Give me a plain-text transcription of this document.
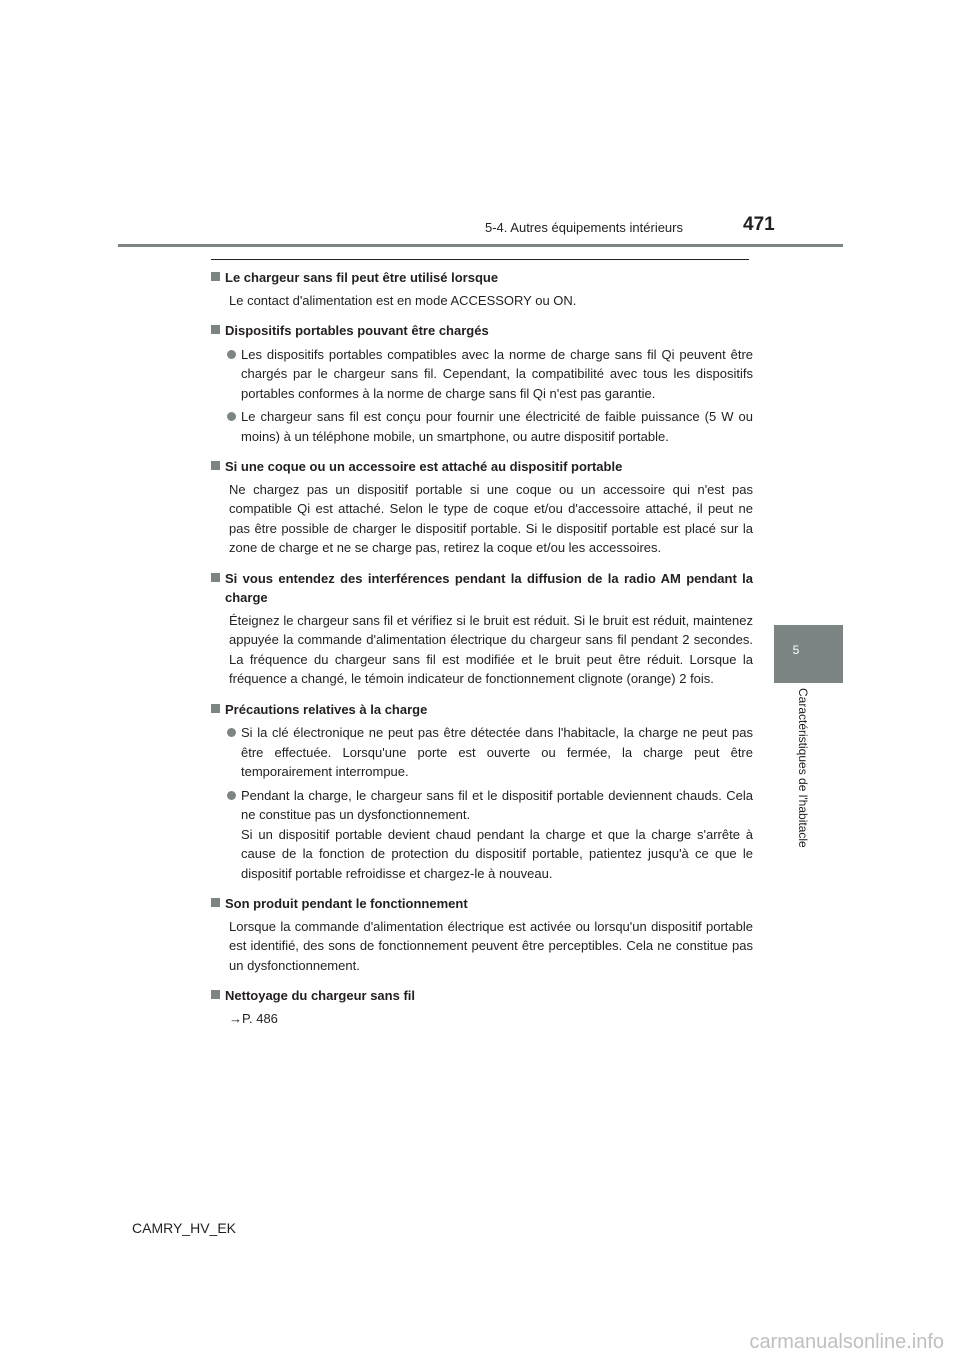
5-4. Autres équipements intérieurs	471
5
Caractéristiques de l'habitacle
Le chargeur sans fil peut être utilisé lorsque
Le contact d'alimentation est en mode ACCESSORY ou ON.
Dispositifs portables pouvant être chargés
Les dispositifs portables compatibles avec la norme de charge sans fil Qi peuvent être chargés par le chargeur sans fil. Cependant, la compatibilité avec tous les dispositifs portables conformes à la norme de charge sans fil Qi n'est pas garantie.
Le chargeur sans fil est conçu pour fournir une électricité de faible puissance (5 W ou moins) à un téléphone mobile, un smartphone, ou autre dispositif portable.
Si une coque ou un accessoire est attaché au dispositif portable
Ne chargez pas un dispositif portable si une coque ou un accessoire qui n'est pas compatible Qi est attaché. Selon le type de coque et/ou d'accessoire attaché, il peut ne pas être possible de charger le dispositif portable. Si le dispositif portable est placé sur la zone de charge et ne se charge pas, retirez la coque et/ou les accessoires.
Si vous entendez des interférences pendant la diffusion de la radio AM pendant la charge
Éteignez le chargeur sans fil et vérifiez si le bruit est réduit. Si le bruit est réduit, maintenez appuyée la commande d'alimentation électrique du chargeur sans fil pendant 2 secondes. La fréquence du chargeur sans fil est modifiée et le bruit peut être réduit. Lorsque la fréquence a changé, le témoin indicateur de fonctionnement clignote (orange) 2 fois.
Précautions relatives à la charge
Si la clé électronique ne peut pas être détectée dans l'habitacle, la charge ne peut pas être effectuée. Lorsqu'une porte est ouverte ou fermée, la charge peut être temporairement interrompue.
Pendant la charge, le chargeur sans fil et le dispositif portable deviennent chauds. Cela ne constitue pas un dysfonctionnement.
Si un dispositif portable devient chaud pendant la charge et que la charge s'arrête à cause de la fonction de protection du dispositif portable, patientez jusqu'à ce que le dispositif portable refroidisse et chargez-le à nouveau.
Son produit pendant le fonctionnement
Lorsque la commande d'alimentation électrique est activée ou lorsqu'un dispositif portable est identifié, des sons de fonctionnement peuvent être perceptibles. Cela ne constitue pas un dysfonctionnement.
Nettoyage du chargeur sans fil
→P. 486
CAMRY_HV_EK
carmanualsonline.info
